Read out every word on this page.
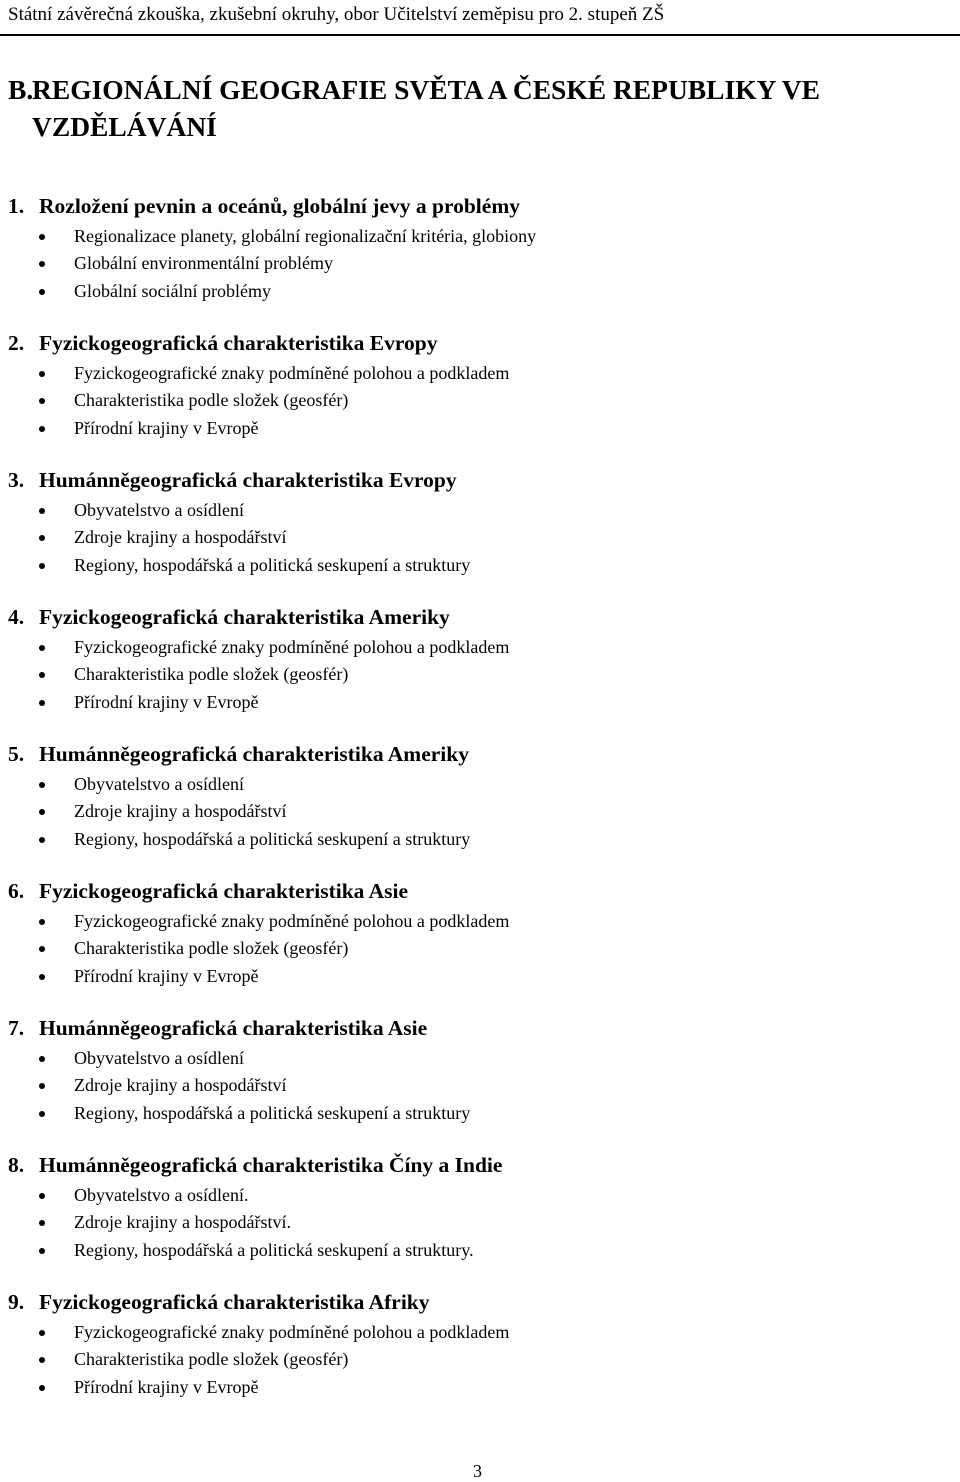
Státní závěrečná zkouška, zkušební okruhy, obor Učitelství zeměpisu pro 2. stupeň ZŠ
B.REGIONÁLNÍ GEOGRAFIE SVĚTA A ČESKÉ REPUBLIKY VE
VZDĚLÁVÁNÍ
1. Rozložení pevnin a oceánů, globální jevy a problémy
Regionalizace planety, globální regionalizační kritéria, globiony
Globální environmentální problémy
Globální sociální problémy
2. Fyzickogeografická charakteristika Evropy
Fyzickogeografické znaky podmíněné polohou a podkladem
Charakteristika podle složek (geosfér)
Přírodní krajiny v Evropě
3. Humánněgeografická charakteristika Evropy
Obyvatelstvo a osídlení
Zdroje krajiny a hospodářství
Regiony, hospodářská a politická seskupení a struktury
4. Fyzickogeografická charakteristika Ameriky
Fyzickogeografické znaky podmíněné polohou a podkladem
Charakteristika podle složek (geosfér)
Přírodní krajiny v Evropě
5. Humánněgeografická charakteristika Ameriky
Obyvatelstvo a osídlení
Zdroje krajiny a hospodářství
Regiony, hospodářská a politická seskupení a struktury
6. Fyzickogeografická charakteristika Asie
Fyzickogeografické znaky podmíněné polohou a podkladem
Charakteristika podle složek (geosfér)
Přírodní krajiny v Evropě
7. Humánněgeografická charakteristika Asie
Obyvatelstvo a osídlení
Zdroje krajiny a hospodářství
Regiony, hospodářská a politická seskupení a struktury
8. Humánněgeografická charakteristika Číny a Indie
Obyvatelstvo a osídlení.
Zdroje krajiny a hospodářství.
Regiony, hospodářská a politická seskupení a struktury.
9. Fyzickogeografická charakteristika Afriky
Fyzickogeografické znaky podmíněné polohou a podkladem
Charakteristika podle složek (geosfér)
Přírodní krajiny v Evropě
3
